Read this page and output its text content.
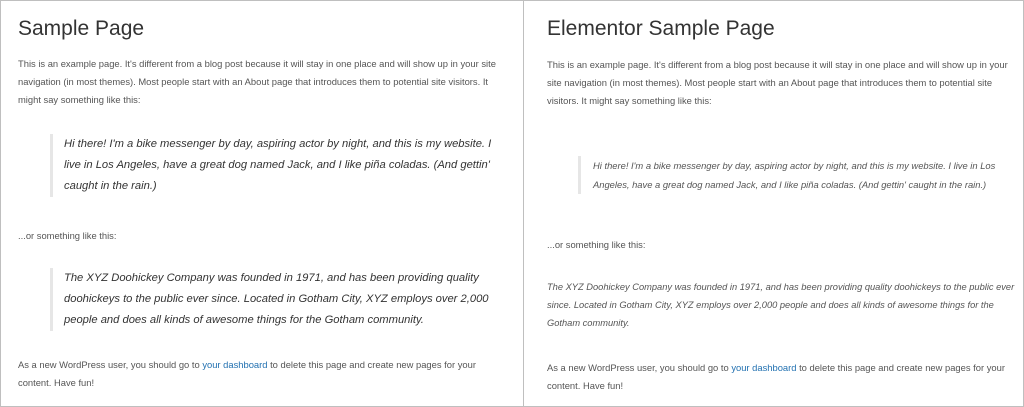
Sample Page

This is an example page. It's different from a blog post because it will stay in one place and will show up in your site navigation (in most themes). Most people start with an About page that introduces them to potential site visitors. It might say something like this:

Hi there! I'm a bike messenger by day, aspiring actor by night, and this is my website. I live in Los Angeles, have a great dog named Jack, and I like piña coladas. (And gettin' caught in the rain.)

...or something like this:

The XYZ Doohickey Company was founded in 1971, and has been providing quality doohickeys to the public ever since. Located in Gotham City, XYZ employs over 2,000 people and does all kinds of awesome things for the Gotham community.

As a new WordPress user, you should go to your dashboard to delete this page and create new pages for your content. Have fun!

Elementor Sample Page

This is an example page. It's different from a blog post because it will stay in one place and will show up in your site navigation (in most themes). Most people start with an About page that introduces them to potential site visitors. It might say something like this:

Hi there! I'm a bike messenger by day, aspiring actor by night, and this is my website. I live in Los Angeles, have a great dog named Jack, and I like piña coladas. (And gettin' caught in the rain.)

...or something like this:

The XYZ Doohickey Company was founded in 1971, and has been providing quality doohickeys to the public ever since. Located in Gotham City, XYZ employs over 2,000 people and does all kinds of awesome things for the Gotham community.

As a new WordPress user, you should go to your dashboard to delete this page and create new pages for your content. Have fun!
